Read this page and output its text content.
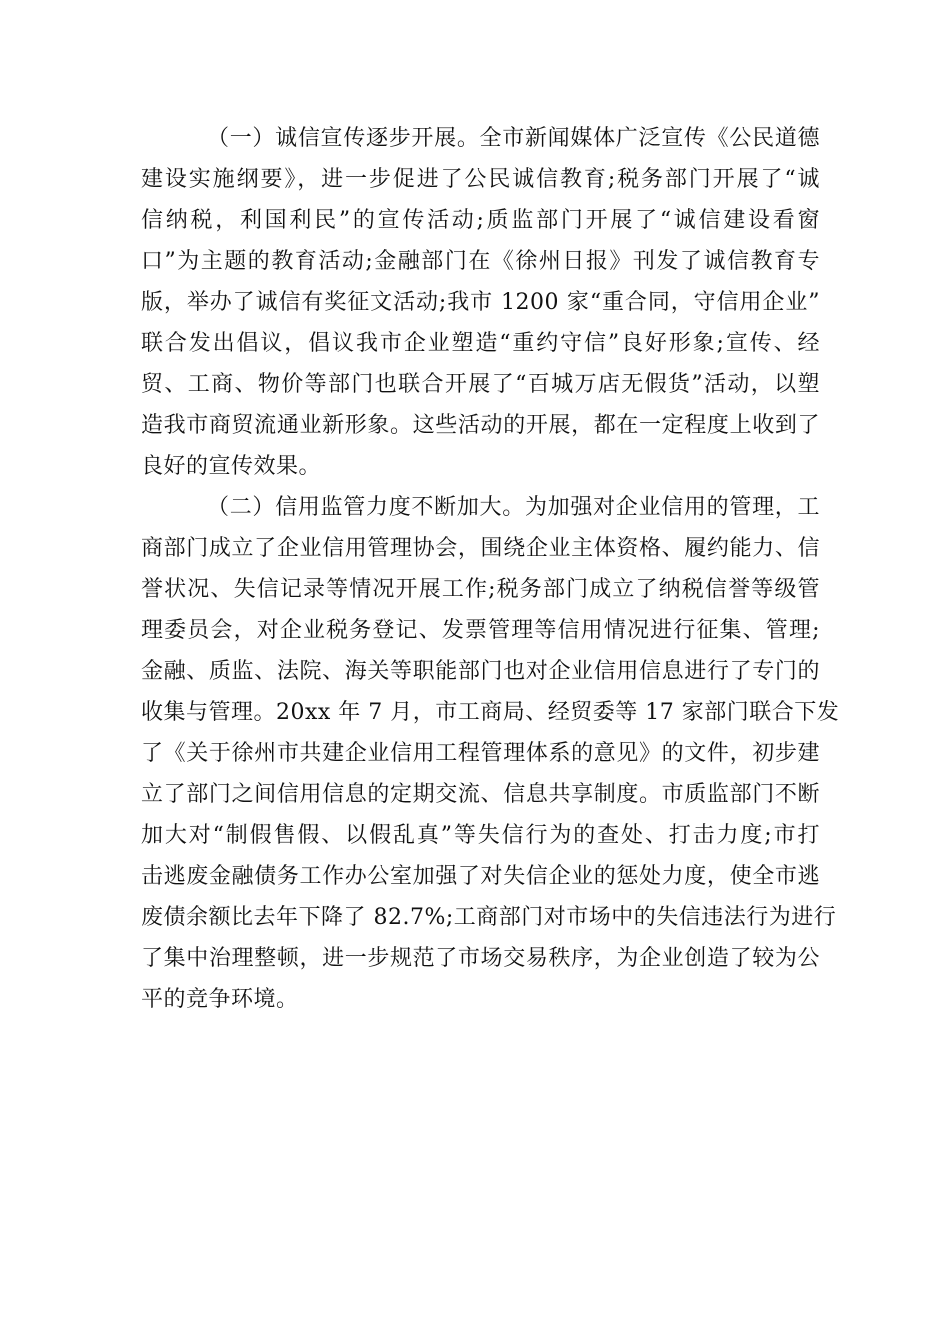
（一）诚信宣传逐步开展。全市新闻媒体广泛宣传《公民道德
建设实施纲要》，进一步促进了公民诚信教育;税务部门开展了“诚
信纳税，利国利民”的宣传活动;质监部门开展了“诚信建设看窗
口”为主题的教育活动;金融部门在《徐州日报》刊发了诚信教育专
版，举办了诚信有奖征文活动;我市 1200 家“重合同，守信用企业”
联合发出倡议，倡议我市企业塑造“重约守信”良好形象;宣传、经
贸、工商、物价等部门也联合开展了“百城万店无假货”活动，以塑
造我市商贸流通业新形象。这些活动的开展，都在一定程度上收到了
良好的宣传效果。
（二）信用监管力度不断加大。为加强对企业信用的管理，工
商部门成立了企业信用管理协会，围绕企业主体资格、履约能力、信
誉状况、失信记录等情况开展工作;税务部门成立了纳税信誉等级管
理委员会，对企业税务登记、发票管理等信用情况进行征集、管理;
金融、质监、法院、海关等职能部门也对企业信用信息进行了专门的
收集与管理。20xx 年 7 月，市工商局、经贸委等 17 家部门联合下发
了《关于徐州市共建企业信用工程管理体系的意见》的文件，初步建
立了部门之间信用信息的定期交流、信息共享制度。市质监部门不断
加大对“制假售假、以假乱真”等失信行为的查处、打击力度;市打
击逃废金融债务工作办公室加强了对失信企业的惩处力度，使全市逃
废债余额比去年下降了 82.7%;工商部门对市场中的失信违法行为进行
了集中治理整顿，进一步规范了市场交易秩序，为企业创造了较为公
平的竞争环境。
